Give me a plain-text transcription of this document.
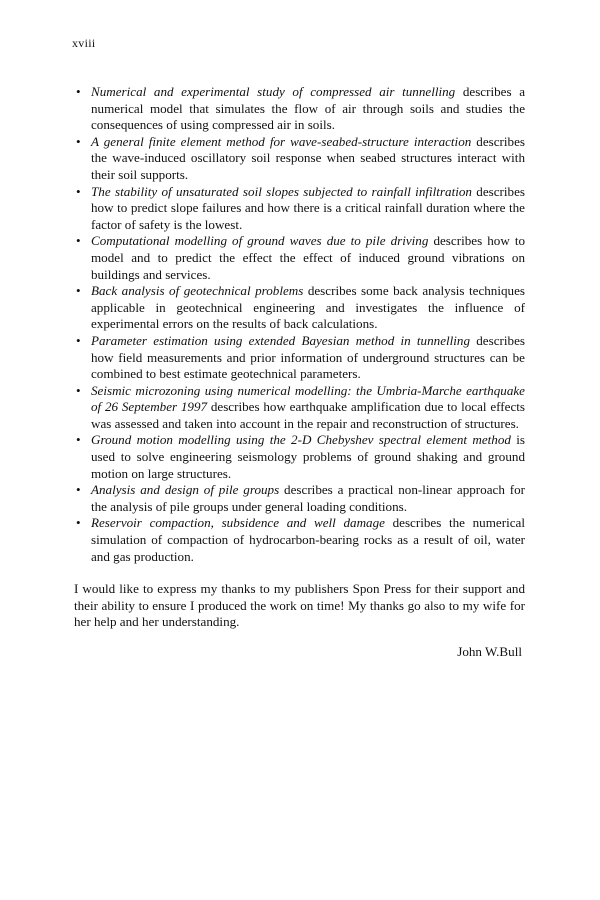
xviii
• Numerical and experimental study of compressed air tunnelling describes a numerical model that simulates the flow of air through soils and studies the consequences of using compressed air in soils.
• A general finite element method for wave-seabed-structure interaction describes the wave-induced oscillatory soil response when seabed structures interact with their soil supports.
• The stability of unsaturated soil slopes subjected to rainfall infiltration describes how to predict slope failures and how there is a critical rainfall duration where the factor of safety is the lowest.
• Computational modelling of ground waves due to pile driving describes how to model and to predict the effect the effect of induced ground vibrations on buildings and services.
• Back analysis of geotechnical problems describes some back analysis techniques applicable in geotechnical engineering and investigates the influence of experimental errors on the results of back calculations.
• Parameter estimation using extended Bayesian method in tunnelling describes how field measurements and prior information of underground structures can be combined to best estimate geotechnical parameters.
• Seismic microzoning using numerical modelling: the Umbria-Marche earthquake of 26 September 1997 describes how earthquake amplification due to local effects was assessed and taken into account in the repair and reconstruction of structures.
• Ground motion modelling using the 2-D Chebyshev spectral element method is used to solve engineering seismology problems of ground shaking and ground motion on large structures.
• Analysis and design of pile groups describes a practical non-linear approach for the analysis of pile groups under general loading conditions.
• Reservoir compaction, subsidence and well damage describes the numerical simulation of compaction of hydrocarbon-bearing rocks as a result of oil, water and gas production.

I would like to express my thanks to my publishers Spon Press for their support and their ability to ensure I produced the work on time! My thanks go also to my wife for her help and her understanding.

John W.Bull
